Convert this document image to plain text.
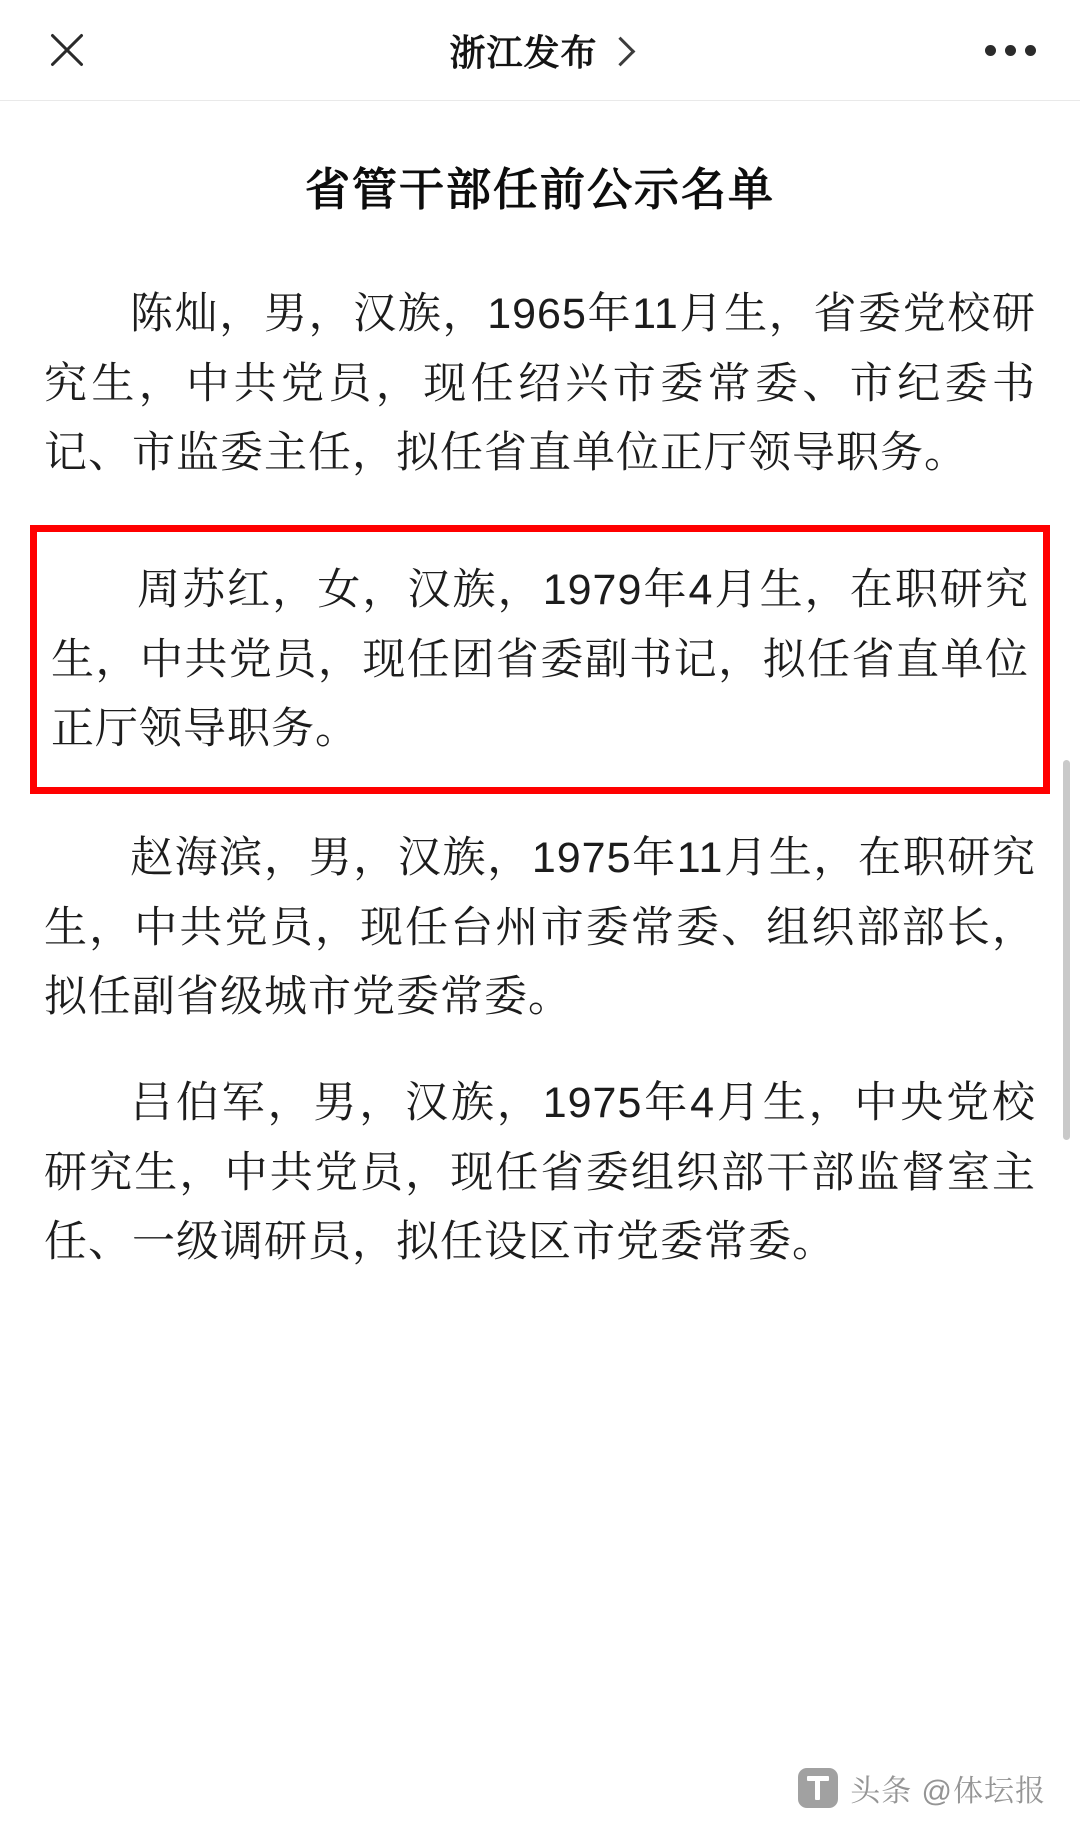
浙江发布
省管干部任前公示名单

陈灿，男，汉族，1965年11月生，省委党校研究生，中共党员，现任绍兴市委常委、市纪委书记、市监委主任，拟任省直单位正厅领导职务。

周苏红，女，汉族，1979年4月生，在职研究生，中共党员，现任团省委副书记，拟任省直单位正厅领导职务。

赵海滨，男，汉族，1975年11月生，在职研究生，中共党员，现任台州市委常委、组织部部长，拟任副省级城市党委常委。

吕伯军，男，汉族，1975年4月生，中央党校研究生，中共党员，现任省委组织部干部监督室主任、一级调研员，拟任设区市党委常委。

头条 @体坛报
